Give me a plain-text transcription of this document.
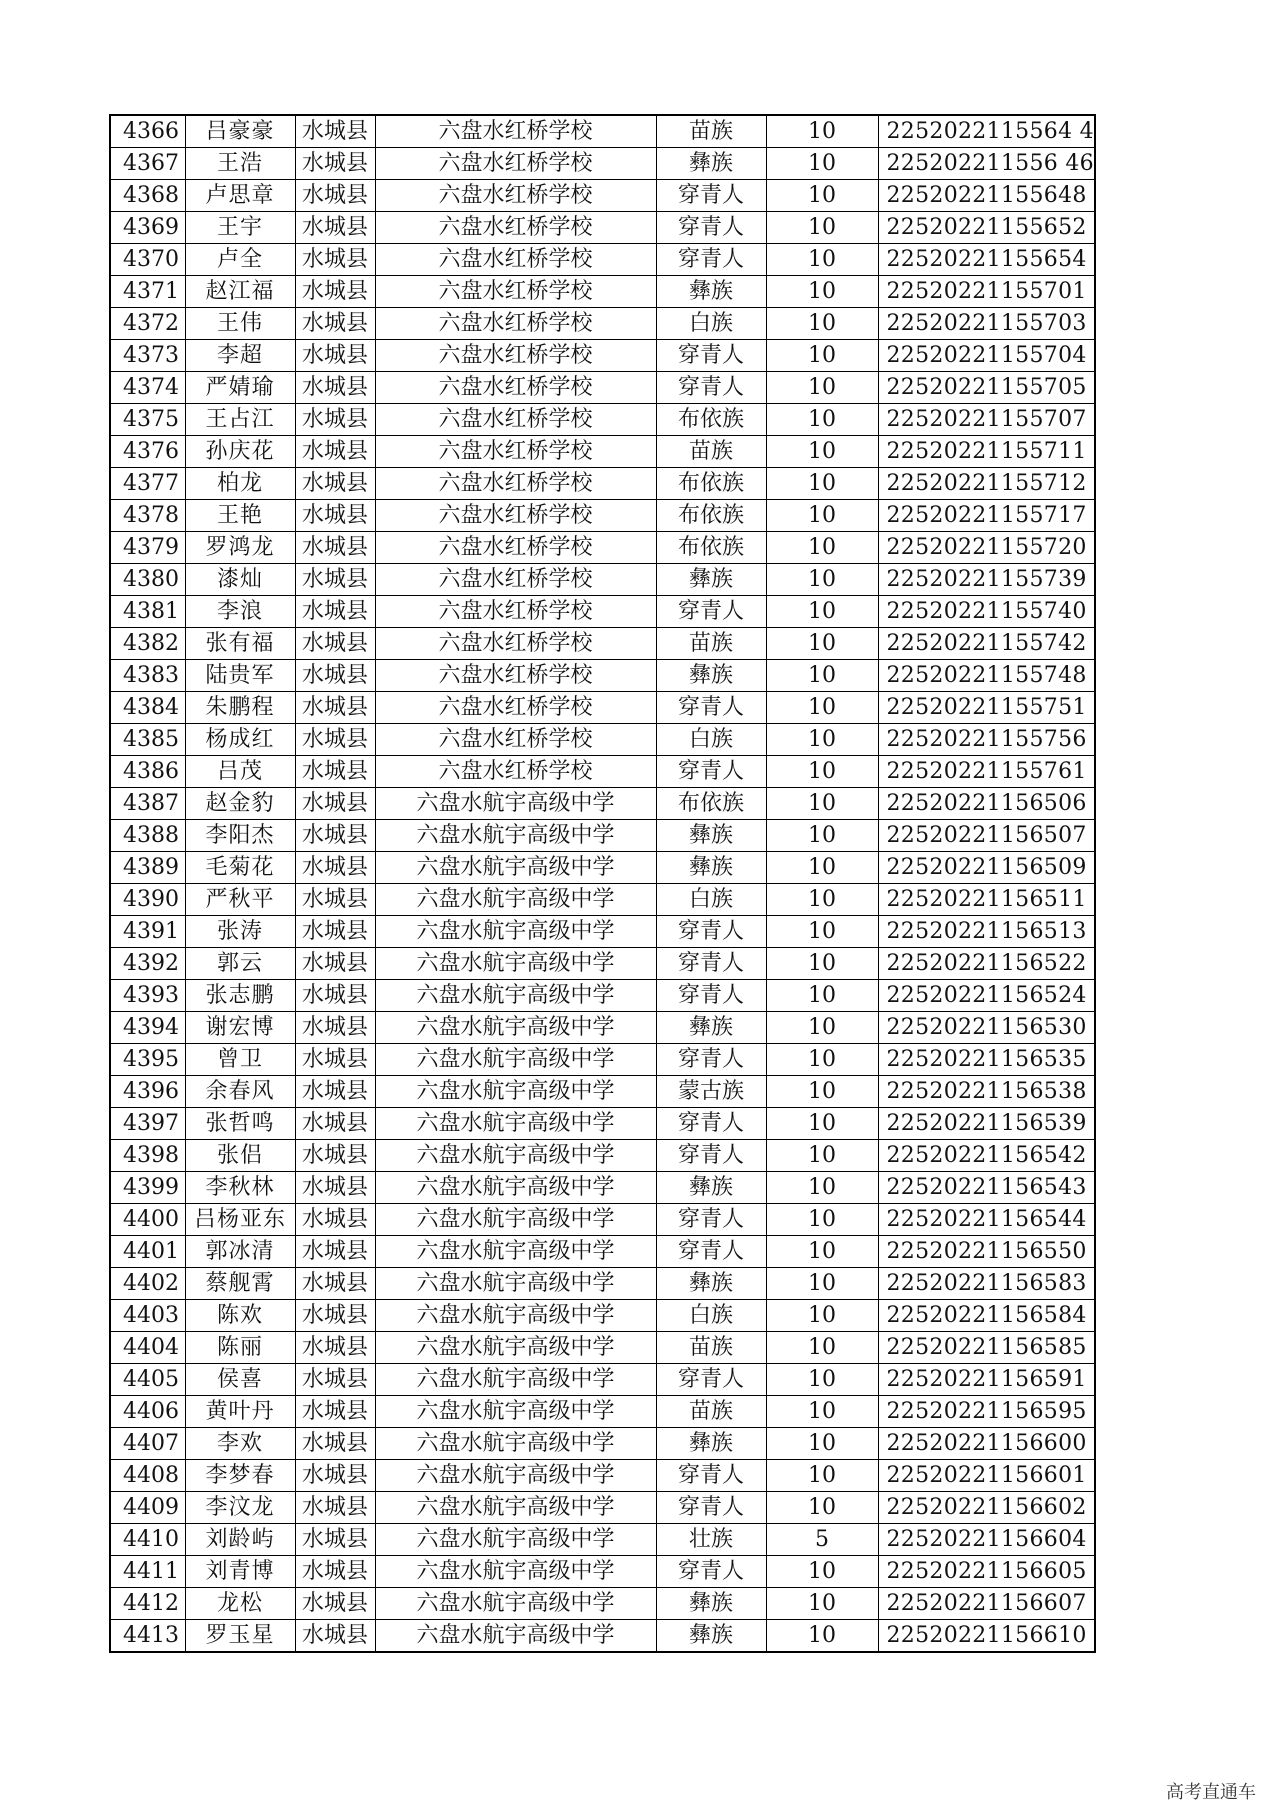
4366	吕豪豪	水城县	六盘水红桥学校	苗族	10	2252022115564 4
4367	王浩	水城县	六盘水红桥学校	彝族	10	225202211556 46
4368	卢思章	水城县	六盘水红桥学校	穿青人	10	22520221155648
4369	王宇	水城县	六盘水红桥学校	穿青人	10	22520221155652
4370	卢全	水城县	六盘水红桥学校	穿青人	10	22520221155654
4371	赵江福	水城县	六盘水红桥学校	彝族	10	22520221155701
4372	王伟	水城县	六盘水红桥学校	白族	10	22520221155703
4373	李超	水城县	六盘水红桥学校	穿青人	10	22520221155704
4374	严婧瑜	水城县	六盘水红桥学校	穿青人	10	22520221155705
4375	王占江	水城县	六盘水红桥学校	布依族	10	22520221155707
4376	孙庆花	水城县	六盘水红桥学校	苗族	10	22520221155711
4377	柏龙	水城县	六盘水红桥学校	布依族	10	22520221155712
4378	王艳	水城县	六盘水红桥学校	布依族	10	22520221155717
4379	罗鸿龙	水城县	六盘水红桥学校	布依族	10	22520221155720
4380	漆灿	水城县	六盘水红桥学校	彝族	10	22520221155739
4381	李浪	水城县	六盘水红桥学校	穿青人	10	22520221155740
4382	张有福	水城县	六盘水红桥学校	苗族	10	22520221155742
4383	陆贵军	水城县	六盘水红桥学校	彝族	10	22520221155748
4384	朱鹏程	水城县	六盘水红桥学校	穿青人	10	22520221155751
4385	杨成红	水城县	六盘水红桥学校	白族	10	22520221155756
4386	吕茂	水城县	六盘水红桥学校	穿青人	10	22520221155761
4387	赵金豹	水城县	六盘水航宇高级中学	布依族	10	22520221156506
4388	李阳杰	水城县	六盘水航宇高级中学	彝族	10	22520221156507
4389	毛菊花	水城县	六盘水航宇高级中学	彝族	10	22520221156509
4390	严秋平	水城县	六盘水航宇高级中学	白族	10	22520221156511
4391	张涛	水城县	六盘水航宇高级中学	穿青人	10	22520221156513
4392	郭云	水城县	六盘水航宇高级中学	穿青人	10	22520221156522
4393	张志鹏	水城县	六盘水航宇高级中学	穿青人	10	22520221156524
4394	谢宏博	水城县	六盘水航宇高级中学	彝族	10	22520221156530
4395	曾卫	水城县	六盘水航宇高级中学	穿青人	10	22520221156535
4396	余春风	水城县	六盘水航宇高级中学	蒙古族	10	22520221156538
4397	张哲鸣	水城县	六盘水航宇高级中学	穿青人	10	22520221156539
4398	张侣	水城县	六盘水航宇高级中学	穿青人	10	22520221156542
4399	李秋林	水城县	六盘水航宇高级中学	彝族	10	22520221156543
4400	吕杨亚东	水城县	六盘水航宇高级中学	穿青人	10	22520221156544
4401	郭冰清	水城县	六盘水航宇高级中学	穿青人	10	22520221156550
4402	蔡舰霄	水城县	六盘水航宇高级中学	彝族	10	22520221156583
4403	陈欢	水城县	六盘水航宇高级中学	白族	10	22520221156584
4404	陈丽	水城县	六盘水航宇高级中学	苗族	10	22520221156585
4405	侯喜	水城县	六盘水航宇高级中学	穿青人	10	22520221156591
4406	黄叶丹	水城县	六盘水航宇高级中学	苗族	10	22520221156595
4407	李欢	水城县	六盘水航宇高级中学	彝族	10	22520221156600
4408	李梦春	水城县	六盘水航宇高级中学	穿青人	10	22520221156601
4409	李汶龙	水城县	六盘水航宇高级中学	穿青人	10	22520221156602
4410	刘龄屿	水城县	六盘水航宇高级中学	壮族	5	22520221156604
4411	刘青博	水城县	六盘水航宇高级中学	穿青人	10	22520221156605
4412	龙松	水城县	六盘水航宇高级中学	彝族	10	22520221156607
4413	罗玉星	水城县	六盘水航宇高级中学	彝族	10	22520221156610
高考直通车
